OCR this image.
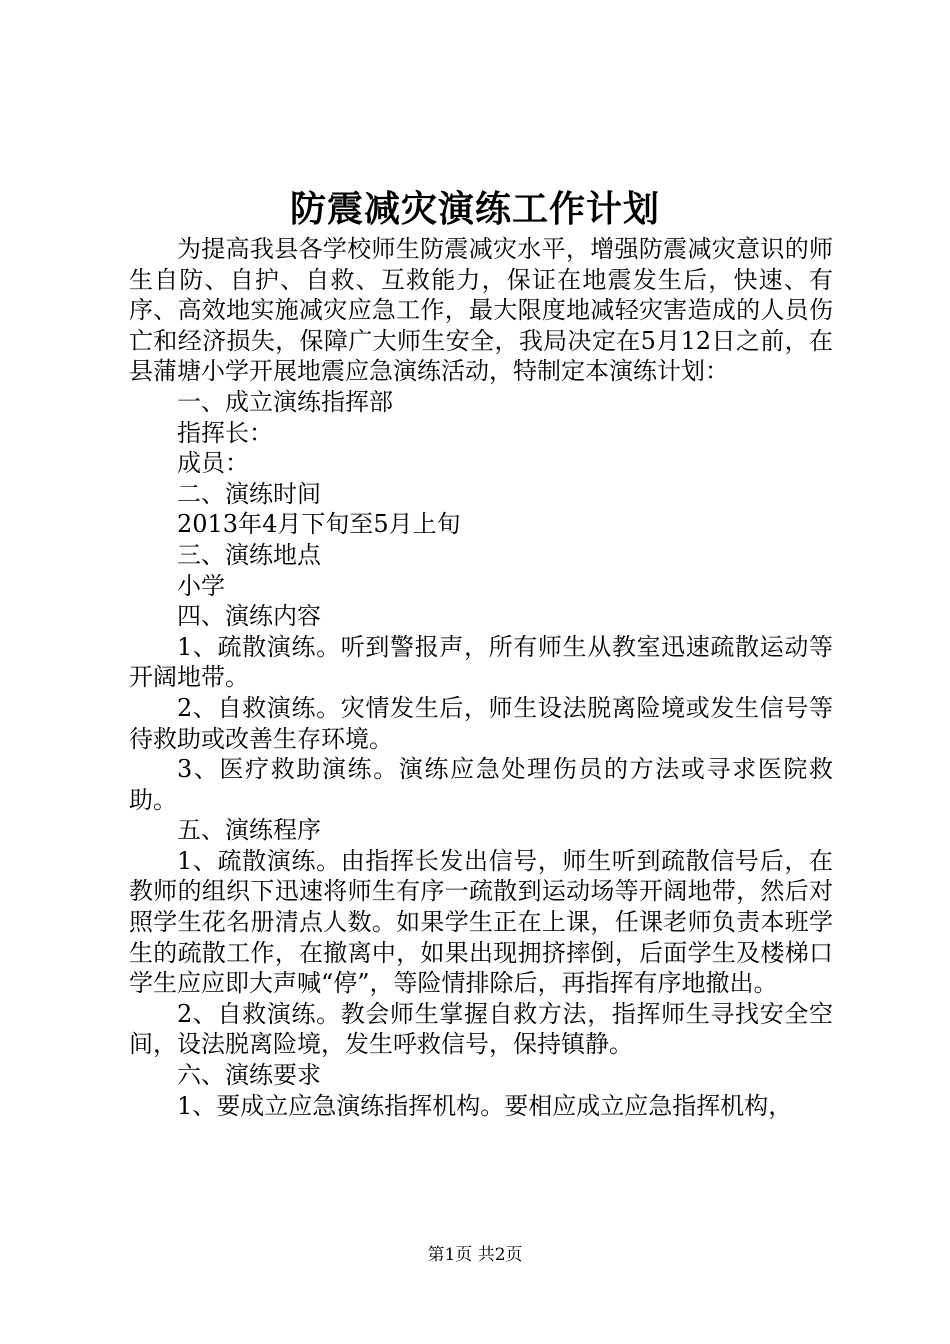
防震减灾演练工作计划

为提高我县各学校师生防震减灾水平，增强防震减灾意识的师生自防、自护、自救、互救能力，保证在地震发生后，快速、有序、高效地实施减灾应急工作，最大限度地减轻灾害造成的人员伤亡和经济损失，保障广大师生安全，我局决定在5月12日之前，在县蒲塘小学开展地震应急演练活动，特制定本演练计划：

一、成立演练指挥部

指挥长：

成员：

二、演练时间

2013年4月下旬至5月上旬

三、演练地点

小学

四、演练内容

1、疏散演练。听到警报声，所有师生从教室迅速疏散运动等开阔地带。

2、自救演练。灾情发生后，师生设法脱离险境或发生信号等待救助或改善生存环境。

3、医疗救助演练。演练应急处理伤员的方法或寻求医院救助。

五、演练程序

1、疏散演练。由指挥长发出信号，师生听到疏散信号后，在教师的组织下迅速将师生有序一疏散到运动场等开阔地带，然后对照学生花名册清点人数。如果学生正在上课，任课老师负责本班学生的疏散工作，在撤离中，如果出现拥挤摔倒，后面学生及楼梯口学生应应即大声喊“停”，等险情排除后，再指挥有序地撤出。

2、自救演练。教会师生掌握自救方法，指挥师生寻找安全空间，设法脱离险境，发生呼救信号，保持镇静。

六、演练要求

1、要成立应急演练指挥机构。要相应成立应急指挥机构，

第1页 共2页
